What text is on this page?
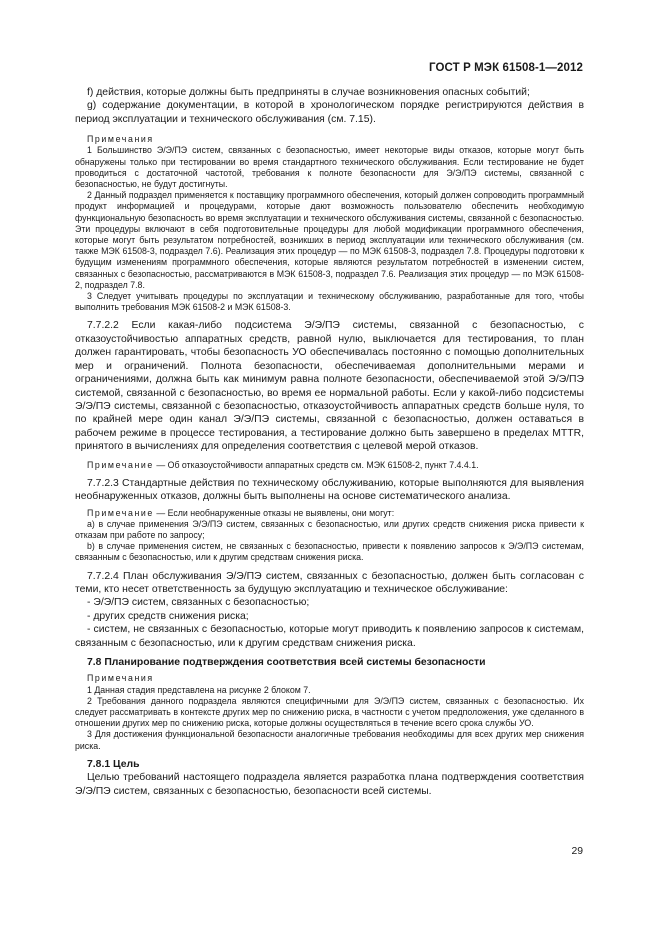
ГОСТ Р МЭК 61508-1—2012

f) действия, которые должны быть предприняты в случае возникновения опасных событий;

g) содержание документации, в которой в хронологическом порядке регистрируются действия в период эксплуатации и технического обслуживания (см. 7.15).

Примечания

1 Большинство Э/Э/ПЭ систем, связанных с безопасностью, имеет некоторые виды отказов, которые могут быть обнаружены только при тестировании во время стандартного технического обслуживания. Если тестирование не будет проводиться с достаточной частотой, требования к полноте безопасности для Э/Э/ПЭ системы, связанной с безопасностью, не будут достигнуты.

2 Данный подраздел применяется к поставщику программного обеспечения, который должен сопроводить программный продукт информацией и процедурами, которые дают возможность пользователю обеспечить необходимую функциональную безопасность во время эксплуатации и технического обслуживания системы, связанной с безопасностью. Эти процедуры включают в себя подготовительные процедуры для любой модификации программного обеспечения, которые могут быть результатом потребностей, возникших в период эксплуатации или технического обслуживания (см. также МЭК 61508-3, подраздел 7.6). Реализация этих процедур — по МЭК 61508-3, подраздел 7.8. Процедуры подготовки к будущим изменениям программного обеспечения, которые являются результатом потребностей в изменении систем, связанных с безопасностью, рассматриваются в МЭК 61508-3, подраздел 7.6. Реализация этих процедур — по МЭК 61508-2, подраздел 7.8.

3 Следует учитывать процедуры по эксплуатации и техническому обслуживанию, разработанные для того, чтобы выполнить требования МЭК 61508-2 и МЭК 61508-3.

7.7.2.2 Если какая-либо подсистема Э/Э/ПЭ системы, связанной с безопасностью, с отказоустойчивостью аппаратных средств, равной нулю, выключается для тестирования, то план должен гарантировать, чтобы безопасность УО обеспечивалась постоянно с помощью дополнительных мер и ограничений. Полнота безопасности, обеспечиваемая дополнительными мерами и ограничениями, должна быть как минимум равна полноте безопасности, обеспечиваемой этой Э/Э/ПЭ системой, связанной с безопасностью, во время ее нормальной работы. Если у какой-либо подсистемы Э/Э/ПЭ системы, связанной с безопасностью, отказоустойчивость аппаратных средств больше нуля, то по крайней мере один канал Э/Э/ПЭ системы, связанной с безопасностью, должен оставаться в рабочем режиме в процессе тестирования, а тестирование должно быть завершено в пределах MTTR, принятого в вычислениях для определения соответствия с целевой мерой отказов.

Примечание — Об отказоустойчивости аппаратных средств см. МЭК 61508-2, пункт 7.4.4.1.

7.7.2.3 Стандартные действия по техническому обслуживанию, которые выполняются для выявления необнаруженных отказов, должны быть выполнены на основе систематического анализа.

Примечание — Если необнаруженные отказы не выявлены, они могут:

а) в случае применения Э/Э/ПЭ систем, связанных с безопасностью, или других средств снижения риска привести к отказам при работе по запросу;

b) в случае применения систем, не связанных с безопасностью, привести к появлению запросов к Э/Э/ПЭ системам, связанным с безопасностью, или к другим средствам снижения риска.

7.7.2.4 План обслуживания Э/Э/ПЭ систем, связанных с безопасностью, должен быть согласован с теми, кто несет ответственность за будущую эксплуатацию и техническое обслуживание:

- Э/Э/ПЭ систем, связанных с безопасностью;

- других средств снижения риска;

- систем, не связанных с безопасностью, которые могут приводить к появлению запросов к системам, связанным с безопасностью, или к другим средствам снижения риска.

7.8 Планирование подтверждения соответствия всей системы безопасности

Примечания

1 Данная стадия представлена на рисунке 2 блоком 7.

2 Требования данного подраздела являются специфичными для Э/Э/ПЭ систем, связанных с безопасностью. Их следует рассматривать в контексте других мер по снижению риска, в частности с учетом предположения, уже сделанного в отношении других мер по снижению риска, которые должны осуществляться в течение всего срока службы УО.

3 Для достижения функциональной безопасности аналогичные требования необходимы для всех других мер снижения риска.

7.8.1 Цель

Целью требований настоящего подраздела является разработка плана подтверждения соответствия Э/Э/ПЭ систем, связанных с безопасностью, безопасности всей системы.

29
